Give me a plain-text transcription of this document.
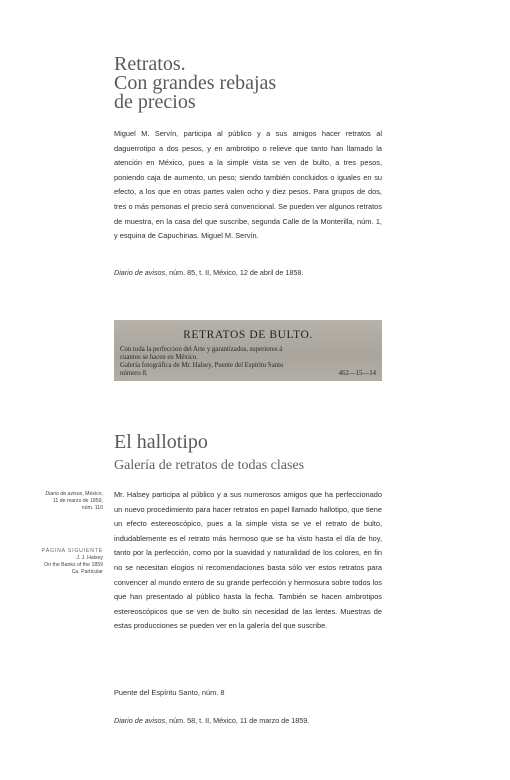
Retratos.
Con grandes rebajas
de precios

Miguel M. Servín, participa al público y a sus amigos hacer retratos al daguerrotipo a dos pesos, y en ambrotipo o relieve que tanto han llamado la atención en México, pues a la simple vista se ven de bulto, a tres pesos, poniendo caja de aumento, un peso; siendo también concluidos o iguales en su efecto, a los que en otras partes valen ocho y diez pesos. Para grupos de dos, tres o más personas el precio será convencional. Se pueden ver algunos retratos de muestra, en la casa del que suscribe, segunda Calle de la Monterilla, núm. 1, y esquina de Capuchinas. Miguel M. Servín.

Diario de avisos, núm. 85, t. II, México, 12 de abril de 1858.

RETRATOS DE BULTO.
Con toda la perfeccion del Arte y garantizados, superiores á
cuantos se hacen en México.
Galería fotográfica de Mr. Halsey, Puente del Espíritu Santo
número 8.	462—15—14
El hallotipo
Galería de retratos de todas clases
Diario de avisos, México, 11 de marzo de 1859, núm. 110
PÁGINA SIGUIENTE
J. J. Halsey
On the Banks of the 1859
Ca. Particular

Mr. Halsey participa al público y a sus numerosos amigos que ha perfeccionado un nuevo procedimiento para hacer retratos en papel llamado hallotipo, que tiene un efecto estereoscópico, pues a la simple vista se ve el retrato de bulto, indudablemente es el retrato más hermoso que se ha visto hasta el día de hoy, tanto por la perfección, como por la suavidad y naturalidad de los colores, en fin no se necesitan elogios ni recomendaciones basta sólo ver estos retratos para convencer al mundo entero de su grande perfección y hermosura sobre todos los que han presentado al público hasta la fecha. También se hacen ambrotipos estereoscópicos que se ven de bulto sin necesidad de las lentes. Muestras de estas producciones se pueden ver en la galería del que suscribe.

Puente del Espíritu Santo, núm. 8

Diario de avisos, núm. 58, t. II, México, 11 de marzo de 1859.
